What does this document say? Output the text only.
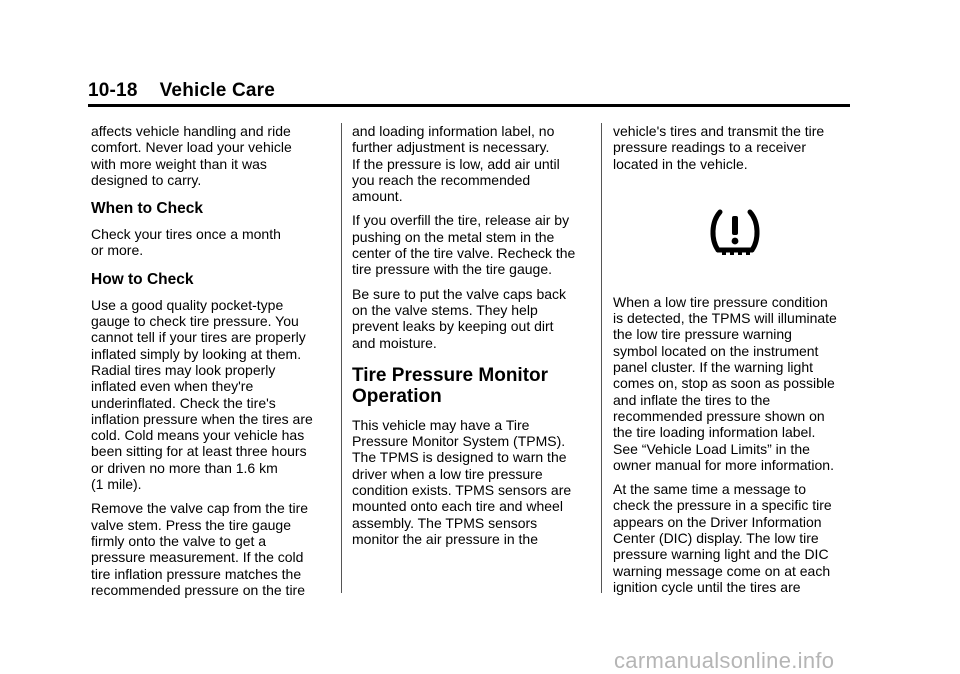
10-18 Vehicle Care

affects vehicle handling and ride
comfort. Never load your vehicle
with more weight than it was
designed to carry.

When to Check

Check your tires once a month
or more.

How to Check

Use a good quality pocket-type
gauge to check tire pressure. You
cannot tell if your tires are properly
inflated simply by looking at them.
Radial tires may look properly
inflated even when they're
underinflated. Check the tire's
inflation pressure when the tires are
cold. Cold means your vehicle has
been sitting for at least three hours
or driven no more than 1.6 km
(1 mile).

Remove the valve cap from the tire
valve stem. Press the tire gauge
firmly onto the valve to get a
pressure measurement. If the cold
tire inflation pressure matches the
recommended pressure on the tire

and loading information label, no
further adjustment is necessary.
If the pressure is low, add air until
you reach the recommended
amount.

If you overfill the tire, release air by
pushing on the metal stem in the
center of the tire valve. Recheck the
tire pressure with the tire gauge.

Be sure to put the valve caps back
on the valve stems. They help
prevent leaks by keeping out dirt
and moisture.

Tire Pressure Monitor
Operation

This vehicle may have a Tire
Pressure Monitor System (TPMS).
The TPMS is designed to warn the
driver when a low tire pressure
condition exists. TPMS sensors are
mounted onto each tire and wheel
assembly. The TPMS sensors
monitor the air pressure in the

vehicle's tires and transmit the tire
pressure readings to a receiver
located in the vehicle.

When a low tire pressure condition
is detected, the TPMS will illuminate
the low tire pressure warning
symbol located on the instrument
panel cluster. If the warning light
comes on, stop as soon as possible
and inflate the tires to the
recommended pressure shown on
the tire loading information label.
See “Vehicle Load Limits” in the
owner manual for more information.

At the same time a message to
check the pressure in a specific tire
appears on the Driver Information
Center (DIC) display. The low tire
pressure warning light and the DIC
warning message come on at each
ignition cycle until the tires are

carmanualsonline.info
